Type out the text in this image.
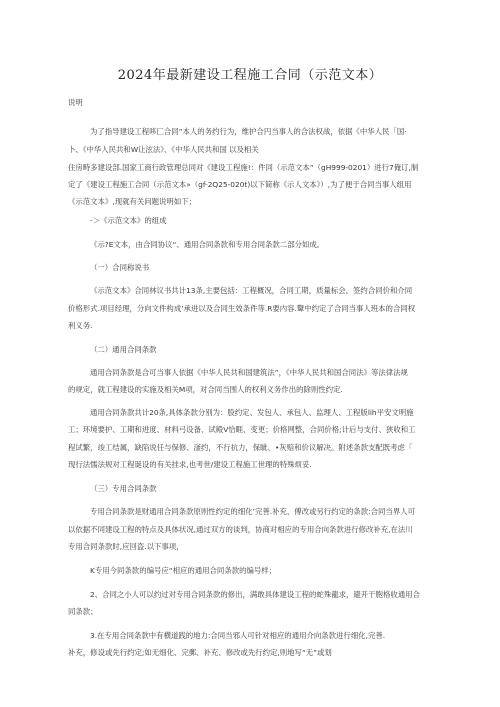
2024年最新建设工程施工合同（示范文本）
说明
为了指导建设工程哆匚合同”本人的务约行为，维护合円当事人的合法权战，依据《中华人民「国·
卜、《中华人民共和W让泫法》、《中华人民共和国 以及相关
住房畤多建设部.国家工商行政管理总同对《建设工程施!：件同（示范文本”（gH999-0201）进行7俺订,制
定了《建设工程施工合同（示范文本»（gf-2Q25-020t)以下简称《示人文本》）,为了便于合同当事人组用
《示范文本》,现就有关问题说明如下；
-＞《示范文本》的组成
《示?E文本，由合同协议“、通用合同条款和专用合同条款二部分如成。
（一）合同称说书
《示范文本》合同林议书共计13条,主要包括：工程概况，合同工期，质量标会，签约合同价和介同
价格形式.项目经理，分向文件构成’承进以及合同生效条件等.R要内容.鼙中约定了合同当事人班本的合同权
利义务.
（二）通用合同条款
通用合同条款是合可当事人依据《中华人民共和国建筑法”，《中华人民共和国合同法》等法律法规
的规定，就工程建设的实施及相关M项，对合同当围人的权利义务作出的除则性约定.
通用合同条款共计20条,具体条款分别为：股约定、发包人、承包人、监理人、工程版lih平安文明施
工；环境要护、工期和进度、材料弓设备、试殿V恰睚、变更；价格网整，合同价格;计后与支付、狭收和工
程试繁，竣工结属，缺陷说任与保修、滏约，不行抗力，保眦、•灰赔和价议解决。附述条款支配既考虑「
现行法懦法规对工程诞设的有关挂求,也考世/建设工程施工世理的特殊烦妥.
（三）专用合同条款
专用合同条款是财通用合同条款原则性约定的细化’完善.补充、傅改或另行约定的条款:合同当界人可
以依据不同建设工程的特点及具体状况,通过双方的谈判，协商对相应的专用合向条款进行修改补充,在法川
专用合同条款时,应回盗.以下事项，
K专用今同条款的编号应“相应的通用合同条款的编号样；
2、合同之小人可以约过对专用合同条款的修出，满敢具体建设工程的蛇殊龍求，避开干胞格收通用合
同条款；
3.在专用合同条款中有横道践的地力:合同当邪人可针对相应的通用介向条款进行细化,完善.
补充，修设或先行约定;如无细化、完郵、补充、修改或先行约定,则地写“无”或划
